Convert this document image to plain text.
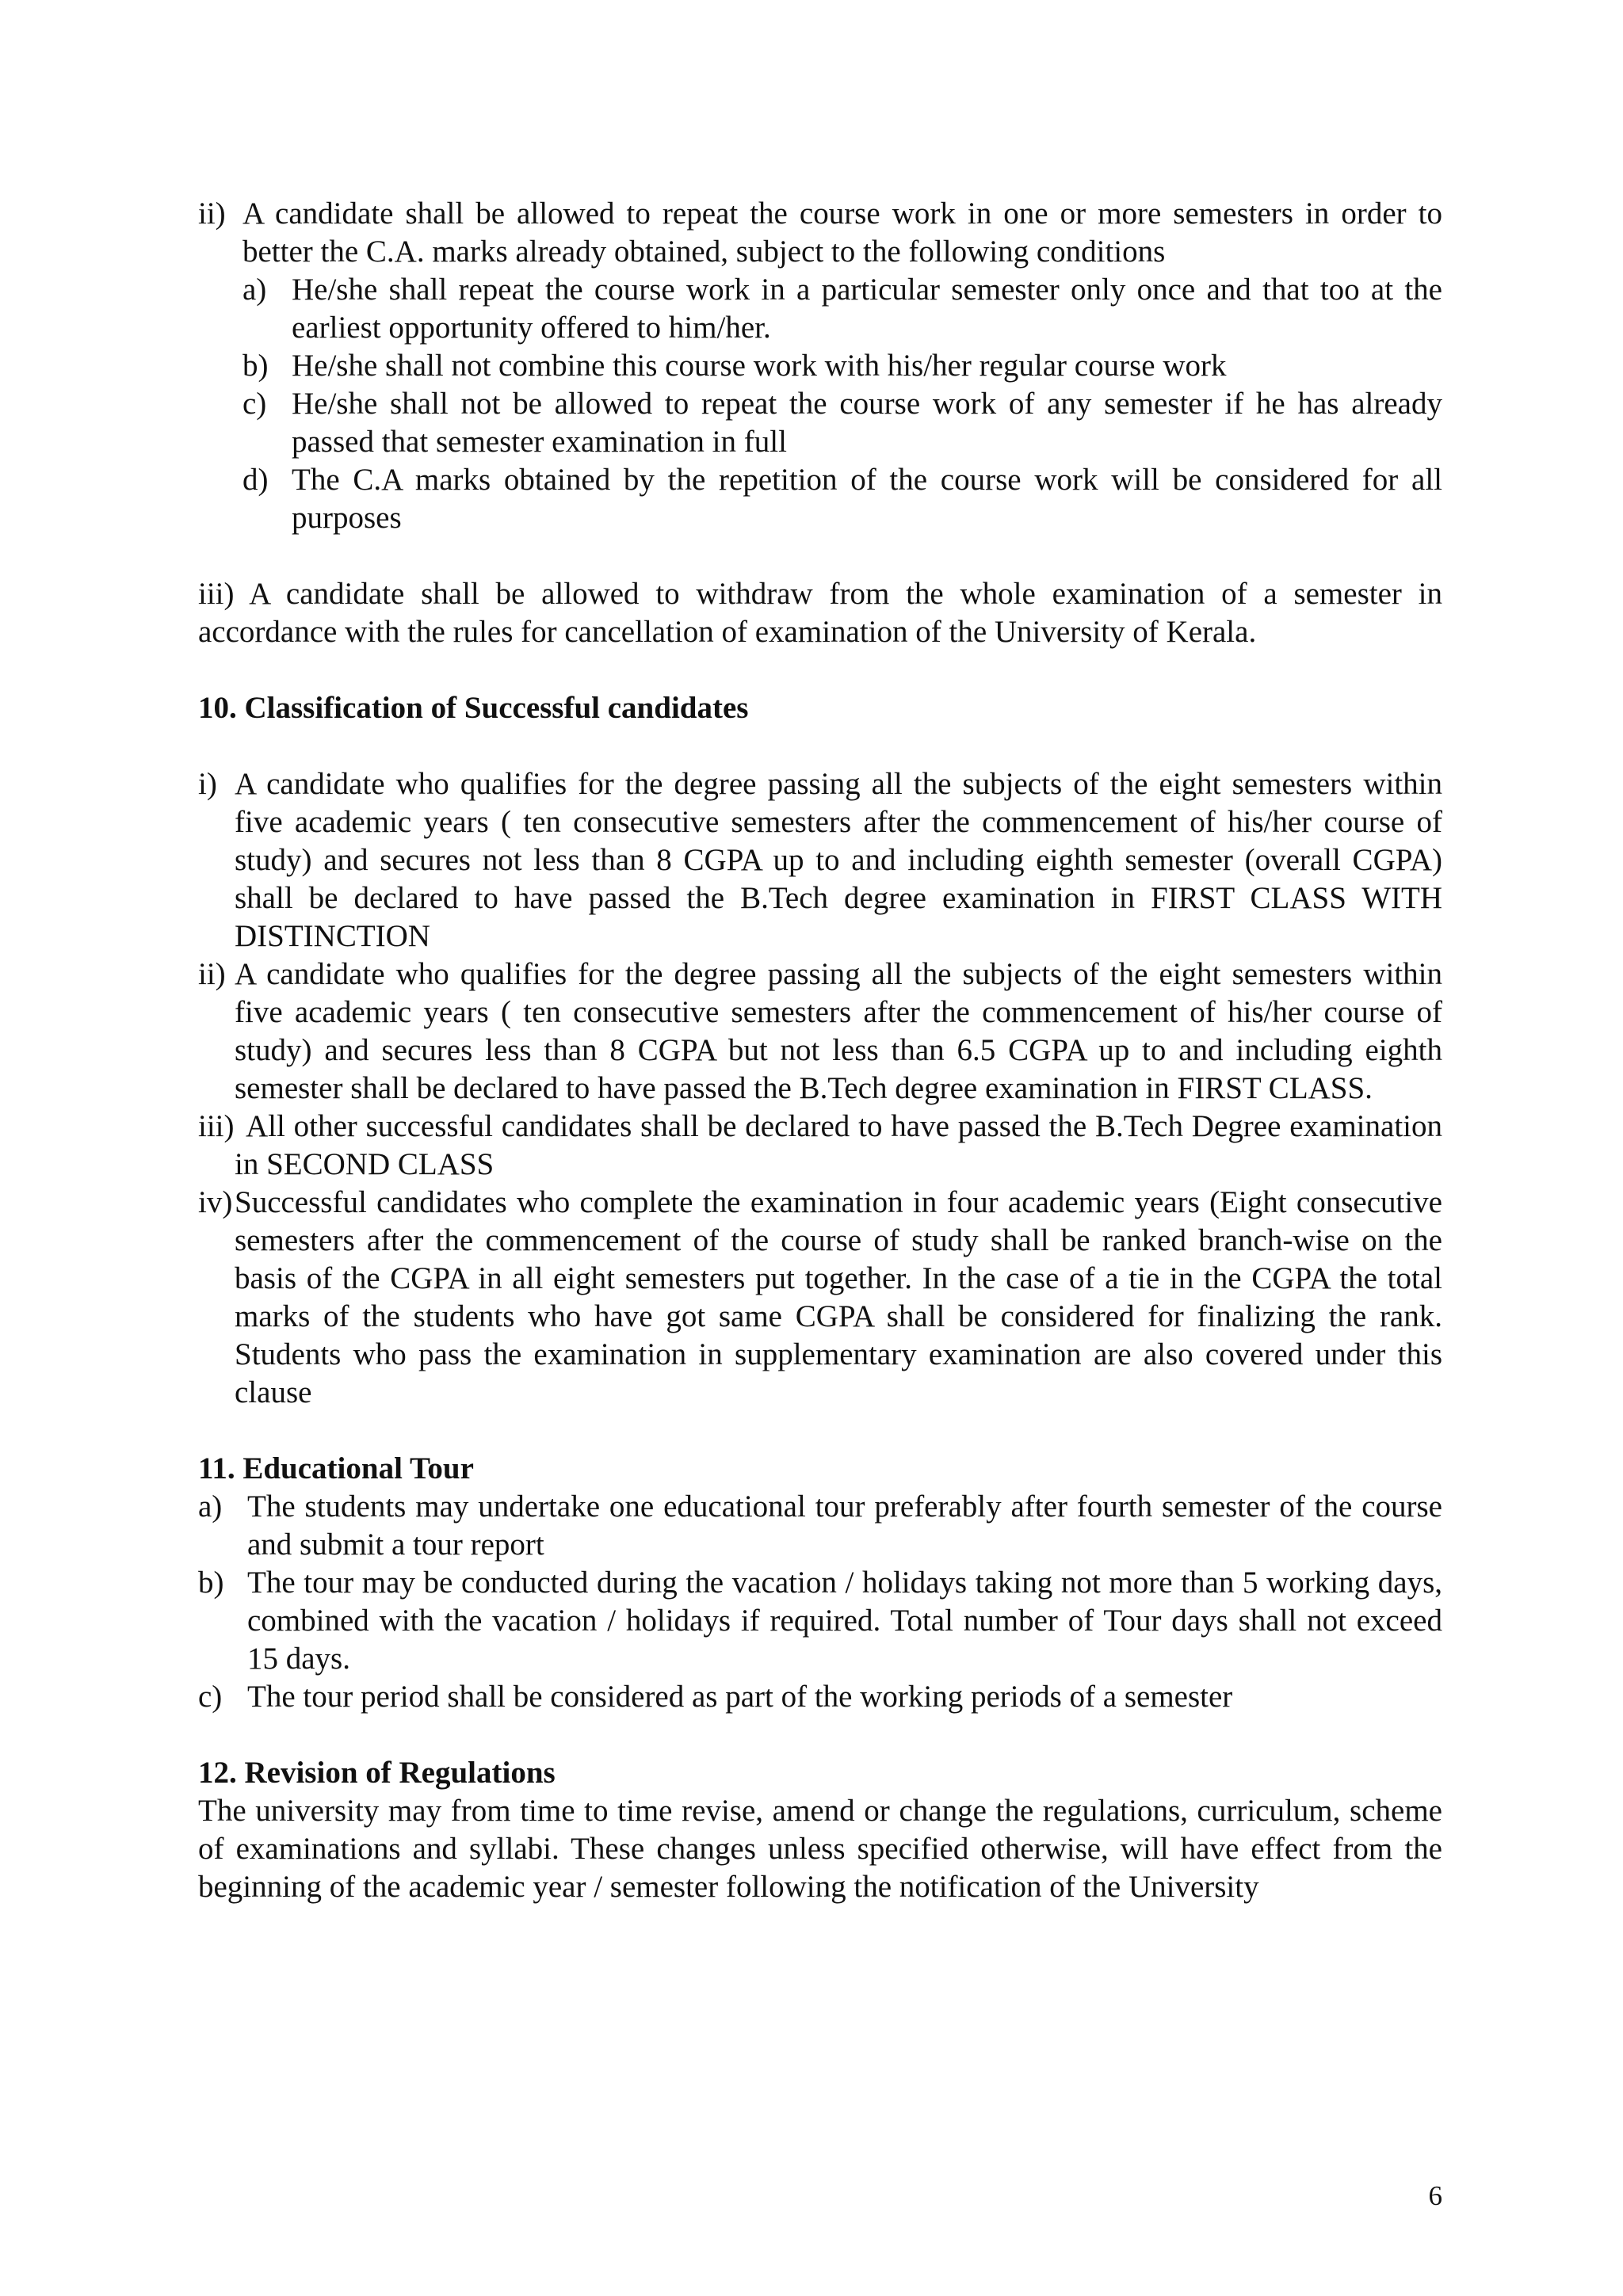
ii) A candidate shall be allowed to repeat the course work in one or more semesters in order to better the C.A. marks already obtained, subject to the following conditions
a) He/she shall repeat the course work in a particular semester only once and that too at the earliest opportunity offered to him/her.
b) He/she shall not combine this course work with his/her regular course work
c) He/she shall not be allowed to repeat the course work of any semester if he has already passed that semester examination in full
d) The C.A marks obtained by the repetition of the course work will be considered for all purposes
iii) A candidate shall be allowed to withdraw from the whole examination of a semester in accordance with the rules for cancellation of examination of the University of Kerala.
10. Classification of Successful candidates
i) A candidate who qualifies for the degree passing all the subjects of the eight semesters within five academic years ( ten consecutive semesters after the commencement of his/her course of study) and secures not less than 8 CGPA up to and including eighth semester (overall CGPA) shall be declared to have passed the B.Tech degree examination in FIRST CLASS WITH DISTINCTION
ii) A candidate who qualifies for the degree passing all the subjects of the eight semesters within five academic years ( ten consecutive semesters after the commencement of his/her course of study) and secures less than 8 CGPA but not less than 6.5 CGPA up to and including eighth semester shall be declared to have passed the B.Tech degree examination in FIRST CLASS.
iii) All other successful candidates shall be declared to have passed the B.Tech Degree examination in SECOND CLASS
iv) Successful candidates who complete the examination in four academic years (Eight consecutive semesters after the commencement of the course of study shall be ranked branch-wise on the basis of the CGPA in all eight semesters put together. In the case of a tie in the CGPA the total marks of the students who have got same CGPA shall be considered for finalizing the rank. Students who pass the examination in supplementary examination are also covered under this clause
11. Educational Tour
a) The students may undertake one educational tour preferably after fourth semester of the course and submit a tour report
b) The tour may be conducted during the vacation / holidays taking not more than 5 working days, combined with the vacation / holidays if required. Total number of Tour days shall not exceed 15 days.
c) The tour period shall be considered as part of the working periods of a semester
12. Revision of Regulations
The university may from time to time revise, amend or change the regulations, curriculum, scheme of examinations and syllabi. These changes unless specified otherwise, will have effect from the beginning of the academic year / semester following the notification of the University
6
